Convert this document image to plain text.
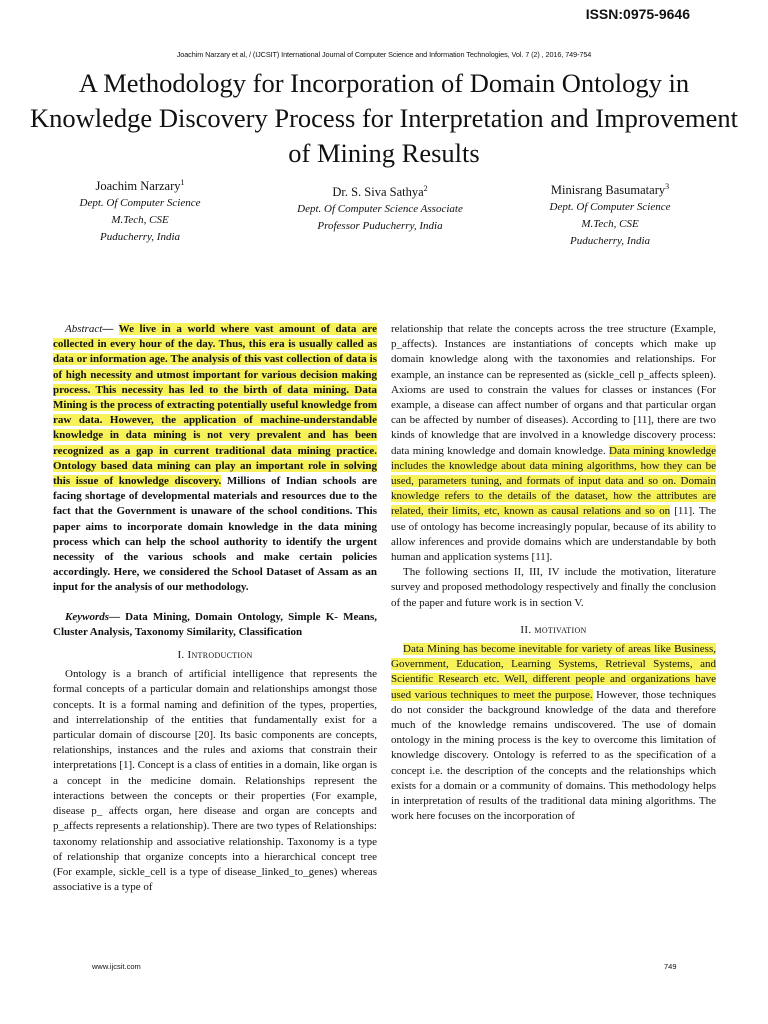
ISSN:0975-9646
Joachim Narzary et al, / (IJCSIT) International Journal of Computer Science and Information Technologies, Vol. 7 (2) , 2016, 749-754
A Methodology for Incorporation of Domain Ontology in Knowledge Discovery Process for Interpretation and Improvement of Mining Results
Joachim Narzary$^1$
Dept. Of Computer Science
M.Tech, CSE
Puducherry, India
Dr. S. Siva Sathya$^2$
Dept. Of Computer Science Associate
Professor Puducherry, India
Minisrang Basumatary$^3$
Dept. Of Computer Science
M.Tech, CSE
Puducherry, India

Abstract— We live in a world where vast amount of data are collected in every hour of the day. Thus, this era is usually called as data or information age. The analysis of this vast collection of data is of high necessity and utmost important for various decision making process. This necessity has led to the birth of data mining. Data Mining is the process of extracting potentially useful knowledge from raw data. However, the application of machine-understandable knowledge in data mining is not very prevalent and has been recognized as a gap in current traditional data mining practice. Ontology based data mining can play an important role in solving this issue of knowledge discovery. Millions of Indian schools are facing shortage of developmental materials and resources due to the fact that the Government is unaware of the school conditions. This paper aims to incorporate domain knowledge in the data mining process which can help the school authority to identify the urgent necessity of the various schools and make certain policies accordingly. Here, we considered the School Dataset of Assam as an input for the analysis of our methodology.

Keywords— Data Mining, Domain Ontology, Simple K- Means, Cluster Analysis, Taxonomy Similarity, Classification

I. Introduction

Ontology is a branch of artificial intelligence that represents the formal concepts of a particular domain and relationships amongst those concepts. It is a formal naming and definition of the types, properties, and interrelationship of the entities that fundamentally exist for a particular domain of discourse [20]. Its basic components are concepts, relationships, instances and the rules and axioms that constrain their interpretations [1]. Concept is a class of entities in a domain, like organ is a concept in the medicine domain. Relationships represent the interactions between the concepts or their properties (For example, disease p_ affects organ, here disease and organ are concepts and p_affects represents a relationship). There are two types of Relationships: taxonomy relationship and associative relationship. Taxonomy is a type of relationship that organize concepts into a hierarchical concept tree (For example, sickle_cell is a type of disease_linked_to_genes) whereas associative is a type of

relationship that relate the concepts across the tree structure (Example, p_affects). Instances are instantiations of concepts which make up domain knowledge along with the taxonomies and relationships. For example, an instance can be represented as (sickle_cell p_affects spleen). Axioms are used to constrain the values for classes or instances (For example, a disease can affect number of organs and that particular organ can be affected by number of diseases). According to [11], there are two kinds of knowledge that are involved in a knowledge discovery process: data mining knowledge and domain knowledge. Data mining knowledge includes the knowledge about data mining algorithms, how they can be used, parameters tuning, and formats of input data and so on. Domain knowledge refers to the details of the dataset, how the attributes are related, their limits, etc, known as causal relations and so on [11]. The use of ontology has become increasingly popular, because of its ability to allow inferences and provide domains which are understandable by both human and application systems [11].

The following sections II, III, IV include the motivation, literature survey and proposed methodology respectively and finally the conclusion of the paper and future work is in section V.

II. motivation

Data Mining has become inevitable for variety of areas like Business, Government, Education, Learning Systems, Retrieval Systems, and Scientific Research etc. Well, different people and organizations have used various techniques to meet the purpose. However, those techniques do not consider the background knowledge of the data and therefore much of the knowledge remains undiscovered. The use of domain ontology in the mining process is the key to overcome this limitation of knowledge discovery. Ontology is referred to as the specification of a concept i.e. the description of the concepts and the relationships which exists for a domain or a community of domains. This methodology helps in interpretation of results of the traditional data mining algorithms. The work here focuses on the incorporation of

www.ijcsit.com	749
